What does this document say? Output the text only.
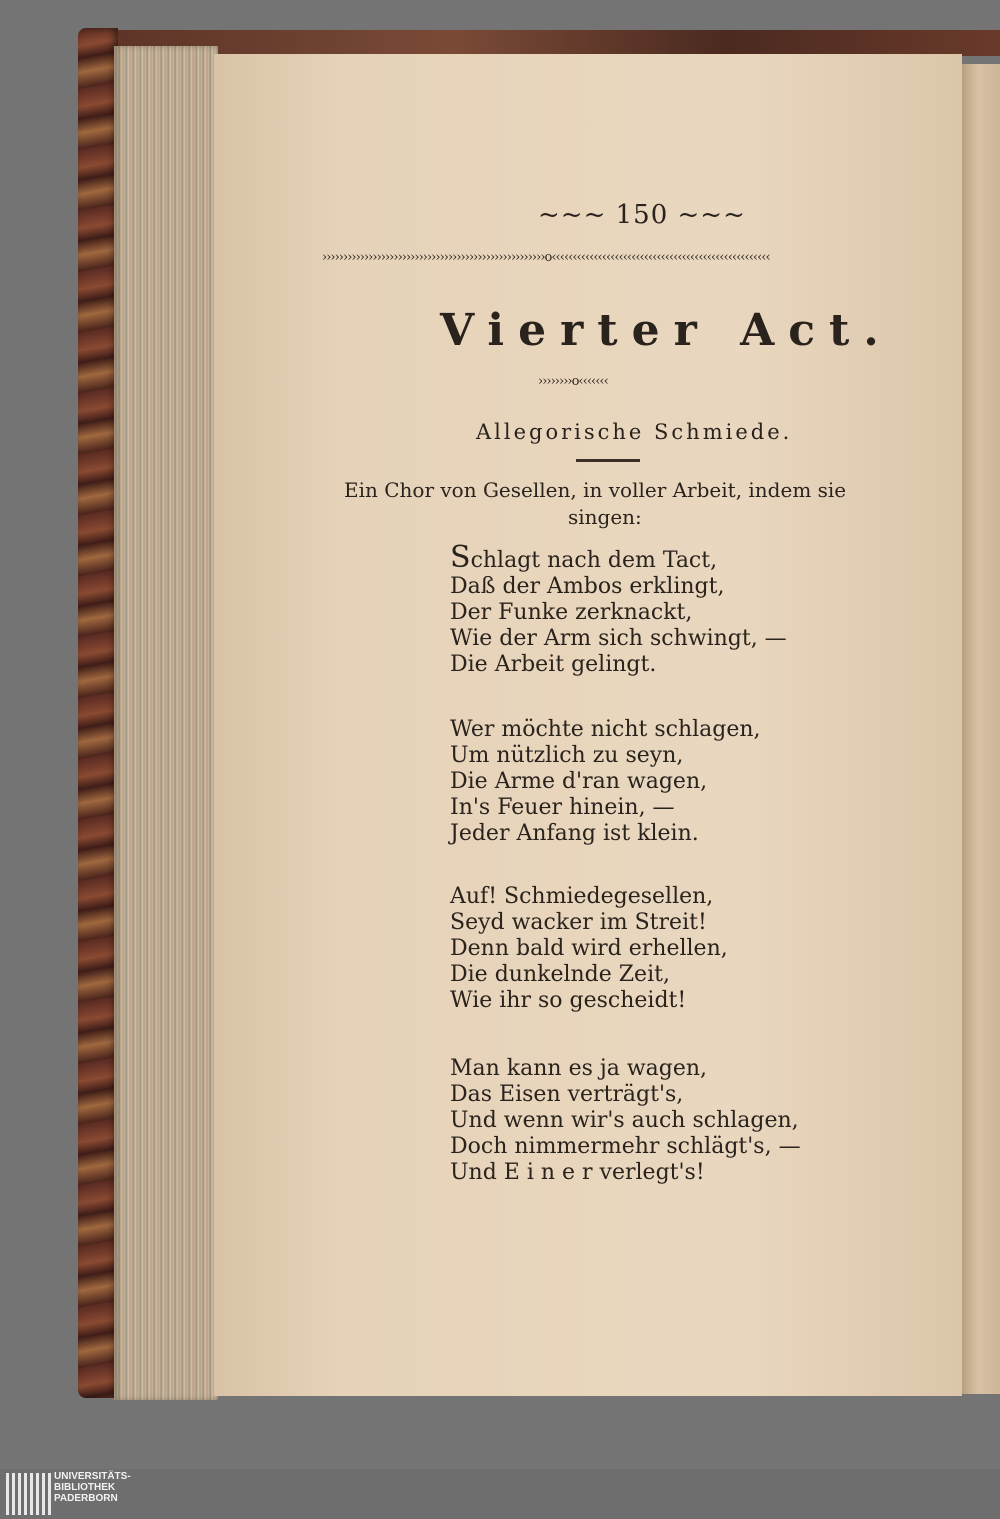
~~~ 150 ~~~
›››››››››››››››››››››››››››››››››››››››››››››››››››››o‹‹‹‹‹‹‹‹‹‹‹‹‹‹‹‹‹‹‹‹‹‹‹‹‹‹‹‹‹‹‹‹‹‹‹‹‹‹‹‹‹‹‹‹‹‹‹‹‹‹‹‹
Vierter Act.
››››››››o‹‹‹‹‹‹‹
Allegorische Schmiede.
Ein Chor von Gesellen, in voller Arbeit, indem sie
singen:
Schlagt nach dem Tact,
Daß der Ambos erklingt,
Der Funke zerknackt,
Wie der Arm sich schwingt, —
Die Arbeit gelingt.
Wer möchte nicht schlagen,
Um nützlich zu seyn,
Die Arme d'ran wagen,
In's Feuer hinein, —
Jeder Anfang ist klein.
Auf! Schmiedegesellen,
Seyd wacker im Streit!
Denn bald wird erhellen,
Die dunkelnde Zeit,
Wie ihr so gescheidt!
Man kann es ja wagen,
Das Eisen verträgt's,
Und wenn wir's auch schlagen,
Doch nimmermehr schlägt's, —
Und E i n e r verlegt's!
UNIVERSITÄTS-
BIBLIOTHEK
PADERBORN
